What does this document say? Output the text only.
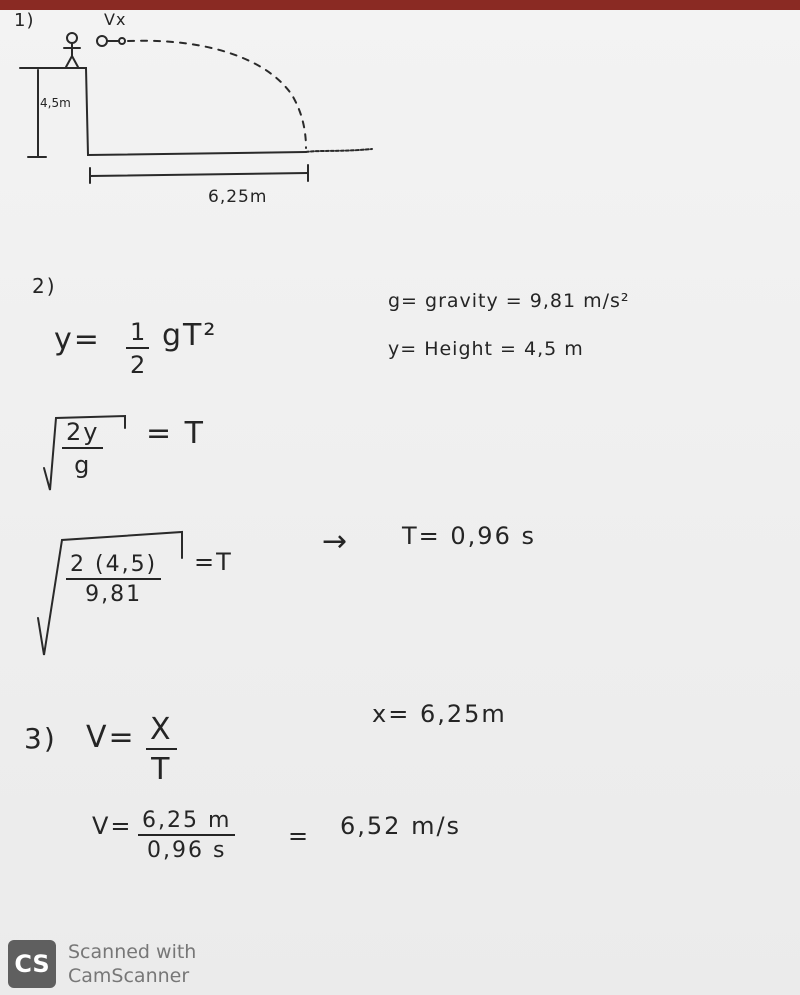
1)	Vx
4,5m
6,25m
2)
$y= \frac{1}{2} gT^2$
g= gravity = 9,81 m/s²
y= Height = 4,5 m
$\frac{2y}{g} = T$
$\frac{2 (4,5)}{9,81} =T$
→ T= 0,96 s
3) $V= \frac{X}{T}$	x= 6,25m
$V= \frac{6,25 m}{0,96 s} = 6,52$ m/s
CS Scanned with
CamScanner
